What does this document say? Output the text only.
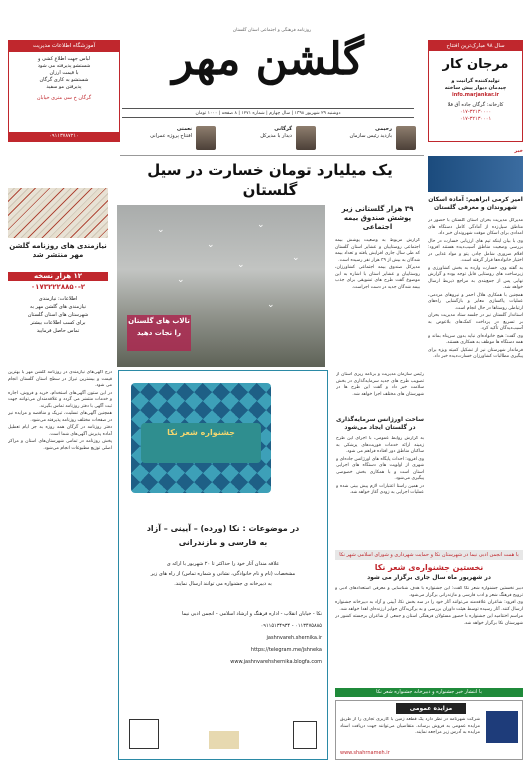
روزنامه فرهنگی و اجتماعی استان گلستان
گلشن مهر
دوشنبه ۲۹ شهریور ۱۳۹۸ | سال چهارم | شماره ۱۲۷۱ | ۸ صفحه | ۱۰۰۰ تومان
سال ۹۸ مبارک‌ترین افتتاح
مرجان کار
تولیدکننده گرانیت و
چیدمان دیوار پیش ساخته
info.marjankar.ir
کارخانه: گرگان جاده آق قلا
۰۱۷-۳۲۱۳۰۰۰۰
۰۱۷-۳۲۱۳۰۰۰۱
آموزشگاه اطلاعات مدیریت
لباس جهت اطلاع کشی و
شستشو پذیرفته می شود
با قیمت ارزان
شستشو به کاری گرگان
پذیرفتن مو سفید
گرگان خ سی متری خیابان
۰۹۱۱۳۷۸۷۲۱۰
رحیمی
بازدید رئیس سازمان
گرگانی
دیدار با مدیرکل
نعمتی
افتتاح پروژه عمرانی
یک میلیارد تومان خسارت در سیل گلستان
۳۹ هزار گلستانی زیر پوشش صندوق بیمه اجتماعی

گزارش مربوط به وضعیت پوشش بیمه اجتماعی روستاییان و عشایر استان گلستان که طی سال جاری افزایش یافته و تعداد بیمه شدگان به بیش از ۳۹ هزار نفر رسیده است.

مدیرکل صندوق بیمه اجتماعی کشاورزان، روستاییان و عشایر استان با اشاره به این موضوع گفت طرح های تشویقی برای جذب بیمه شدگان جدید در دست اجراست.

⌄
⌄
⌄
⌄
⌄
⌄
⌄
تالاب های گلستان
را نجات دهید
نیازمندی های روزنامه گلشن مهر منتشر شد
۱۲ هزار نسخه
۰۱۷۳۲۲۲۸۸۵۰-۲
اطلاعات: نیازمندی
نیازمندی های گلشن مهر به
شهرستان های استان گلستان
برای کسب اطلاعات بیشتر
تماس حاصل فرمایید

درج آگهی‌های نیازمندی در روزنامه گلشن مهر با بهترین قیمت و بیشترین تیراژ در سطح استان گلستان انجام می شود.

در این ستون آگهی‌های استخدام، خرید و فروش، اجاره و خدمات منتشر می گردد و علاقه‌مندان می‌توانند جهت ثبت آگهی با دفتر روزنامه تماس بگیرند.

همچنین آگهی‌های تسلیت، تبریک و مناقصه و مزایده نیز در صفحات مختلف روزنامه پذیرفته می‌شود.

دفتر روزنامه در گرگان همه روزه به جز ایام تعطیل آماده پذیرش آگهی‌های شما است.

پخش روزنامه در تمامی شهرستان‌های استان و مراکز اصلی توزیع مطبوعات انجام می‌شود.

جشنواره شعر نکا
در موضوعات : نکا (ورده) – آیینی – آزاد
به فارسی و مازندرانی
علاقه مندان آثار خود را حداکثر تا ۲۰ شهریور با ارائه ی
مشخصات (نام و نام خانوادگی، نشانی و شماره تماس) از راه های زیر
به دبیرخانه ی جشنواره می توانند ارسال نمایند.
نکا - خیابان انقلاب - اداره فرهنگ و ارشاد اسلامی - انجمن ادبی نیما
۰۱۱۳۴۷۵۸۸۵ - ۰۹۱۱۵۱۳۴۹۳۴
jashnvareh.shernika.ir
https://telegram.me/jshneka
www.jashnvarehshernika.blogfa.com

رئیس سازمان مدیریت و برنامه ریزی استان از تصویب طرح های جدید سرمایه‌گذاری در بخش سلامت خبر داد و گفت این طرح ها در شهرستان های مختلف اجرا خواهد شد.

ساخت اورژانس سرمایه‌گذاری در گلستان ایجاد می‌شود

به گزارش روابط عمومی، با اجرای این طرح زمینه ارائه خدمات فوریت‌های پزشکی به ساکنان مناطق دور افتاده فراهم می شود.

وی افزود: احداث پایگاه های اورژانس جاده‌ای و شهری از اولویت های دستگاه های اجرایی استان است و با همکاری بخش خصوصی پیگیری می‌شود.

در همین راستا اعتبارات لازم پیش بینی شده و عملیات اجرایی به زودی آغاز خواهد شد.

خبر
امیر کرمی ابراهیم: آماده اسکان شهروندان و معرفی گلستان

مدیرکل مدیریت بحران استان گلستان با حضور در مناطق سیل‌زده از آمادگی کامل دستگاه های امدادی برای اسکان موقت شهروندان خبر داد.

وی با بیان اینکه تیم های ارزیابی خسارت در حال بررسی وضعیت مناطق آسیب‌دیده هستند افزود: اقلام ضروری شامل چادر، پتو و مواد غذایی در اختیار خانواده‌ها قرار گرفته است.

به گفته وی، خسارت وارده به بخش کشاورزی و زیرساخت های روستایی قابل توجه بوده و گزارش نهایی پس از جمع‌بندی به مراجع ذیربط ارسال خواهد شد.

همچنین با همکاری هلال احمر و نیروهای مردمی، عملیات پاکسازی معابر و بازگشایی راه‌های ارتباطی روستاها در حال انجام است.

استاندار گلستان نیز در جلسه ستاد مدیریت بحران بر تسریع در پرداخت کمک‌های بلاعوض به آسیب‌دیدگان تأکید کرد.

وی گفت: هیچ خانواده‌ای نباید بدون سرپناه بماند و همه دستگاه ها موظف به همکاری هستند.

فرماندار شهرستان نیز از تشکیل کمیته ویژه برای پیگیری مطالبات کشاورزان خسارت‌دیده خبر داد.

با همت انجمن ادبی نیما در شهرستان نکا و حمایت شهرداری و شورای اسلامی شهر نکا
نخستین جشنواره‌ی شعر نکا
در شهریور ماه سال جاری برگزار می شود

دبیر نخستین جشنواره شعر نکا گفت: این جشنواره با هدف شناسایی و معرفی استعدادهای ادبی و ترویج فرهنگ شعر و ادب فارسی و مازندرانی برگزار می‌شود.

وی افزود: شاعران علاقه‌مند می‌توانند آثار خود را در سه بخش نکا، آیینی و آزاد به دبیرخانه جشنواره ارسال کنند. آثار رسیده توسط هیئت داوران بررسی و به برگزیدگان جوایز ارزنده‌ای اهدا خواهد شد.

مراسم اختتامیه این جشنواره با حضور مسئولان فرهنگی استان و جمعی از شاعران برجسته کشور در شهرستان نکا برگزار خواهد شد.

با انتشار خبر جشنواره و دبیرخانه جشنواره شعر نکا
مزایده عمومی

شرکت شهرنامه در نظر دارد یک قطعه زمین با کاربری تجاری را از طریق مزایده عمومی به فروش برساند. متقاضیان می‌توانند جهت دریافت اسناد مزایده به آدرس زیر مراجعه نمایند.

www.shahrnameh.ir
